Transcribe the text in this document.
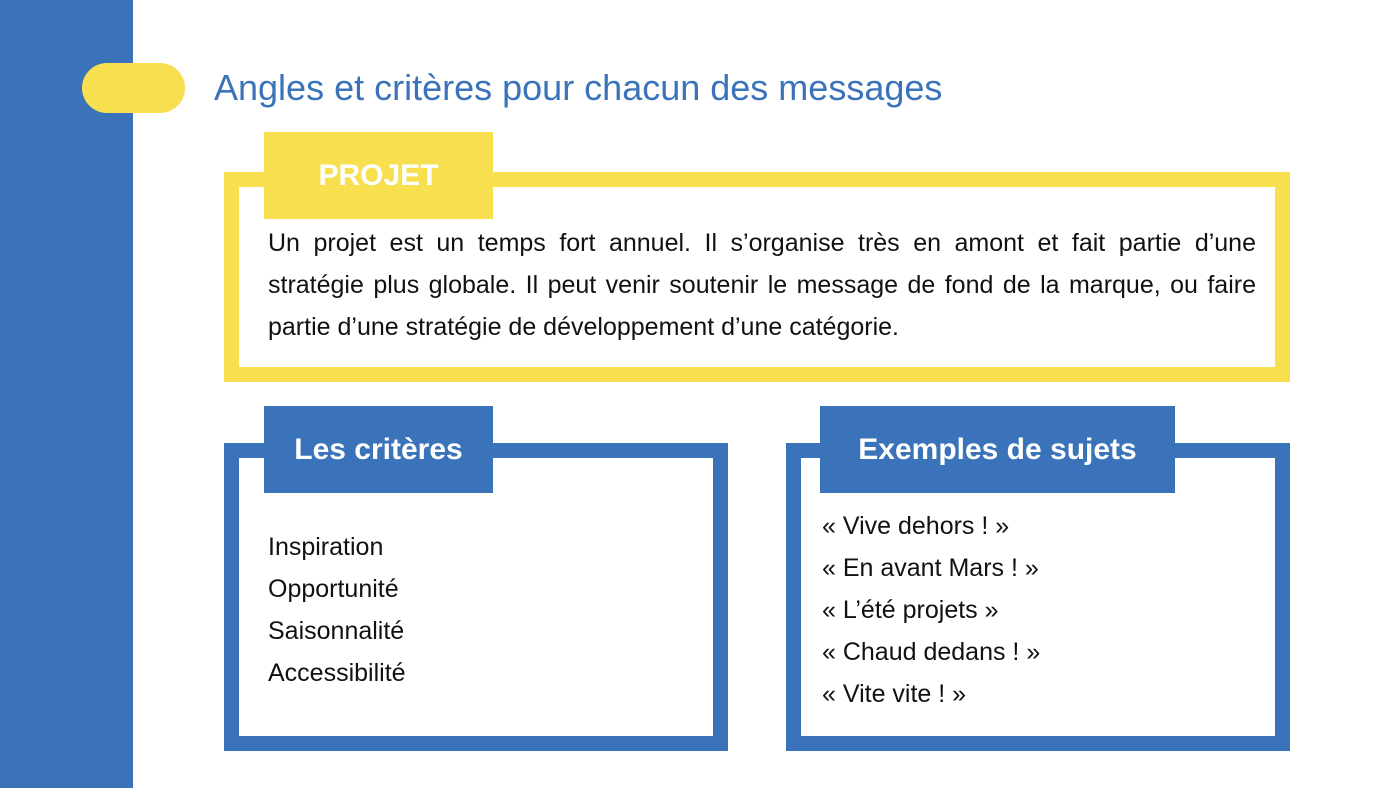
Angles et critères pour chacun des messages
PROJET

Un projet est un temps fort annuel. Il s’organise très en amont et fait partie d’une stratégie plus globale. Il peut venir soutenir le message de fond de la marque, ou faire partie d’une stratégie de développement d’une catégorie.

Les critères
Inspiration
Opportunité
Saisonnalité
Accessibilité
Exemples de sujets
« Vive dehors ! »
« En avant Mars ! »
« L’été projets »
« Chaud dedans ! »
« Vite vite ! »
